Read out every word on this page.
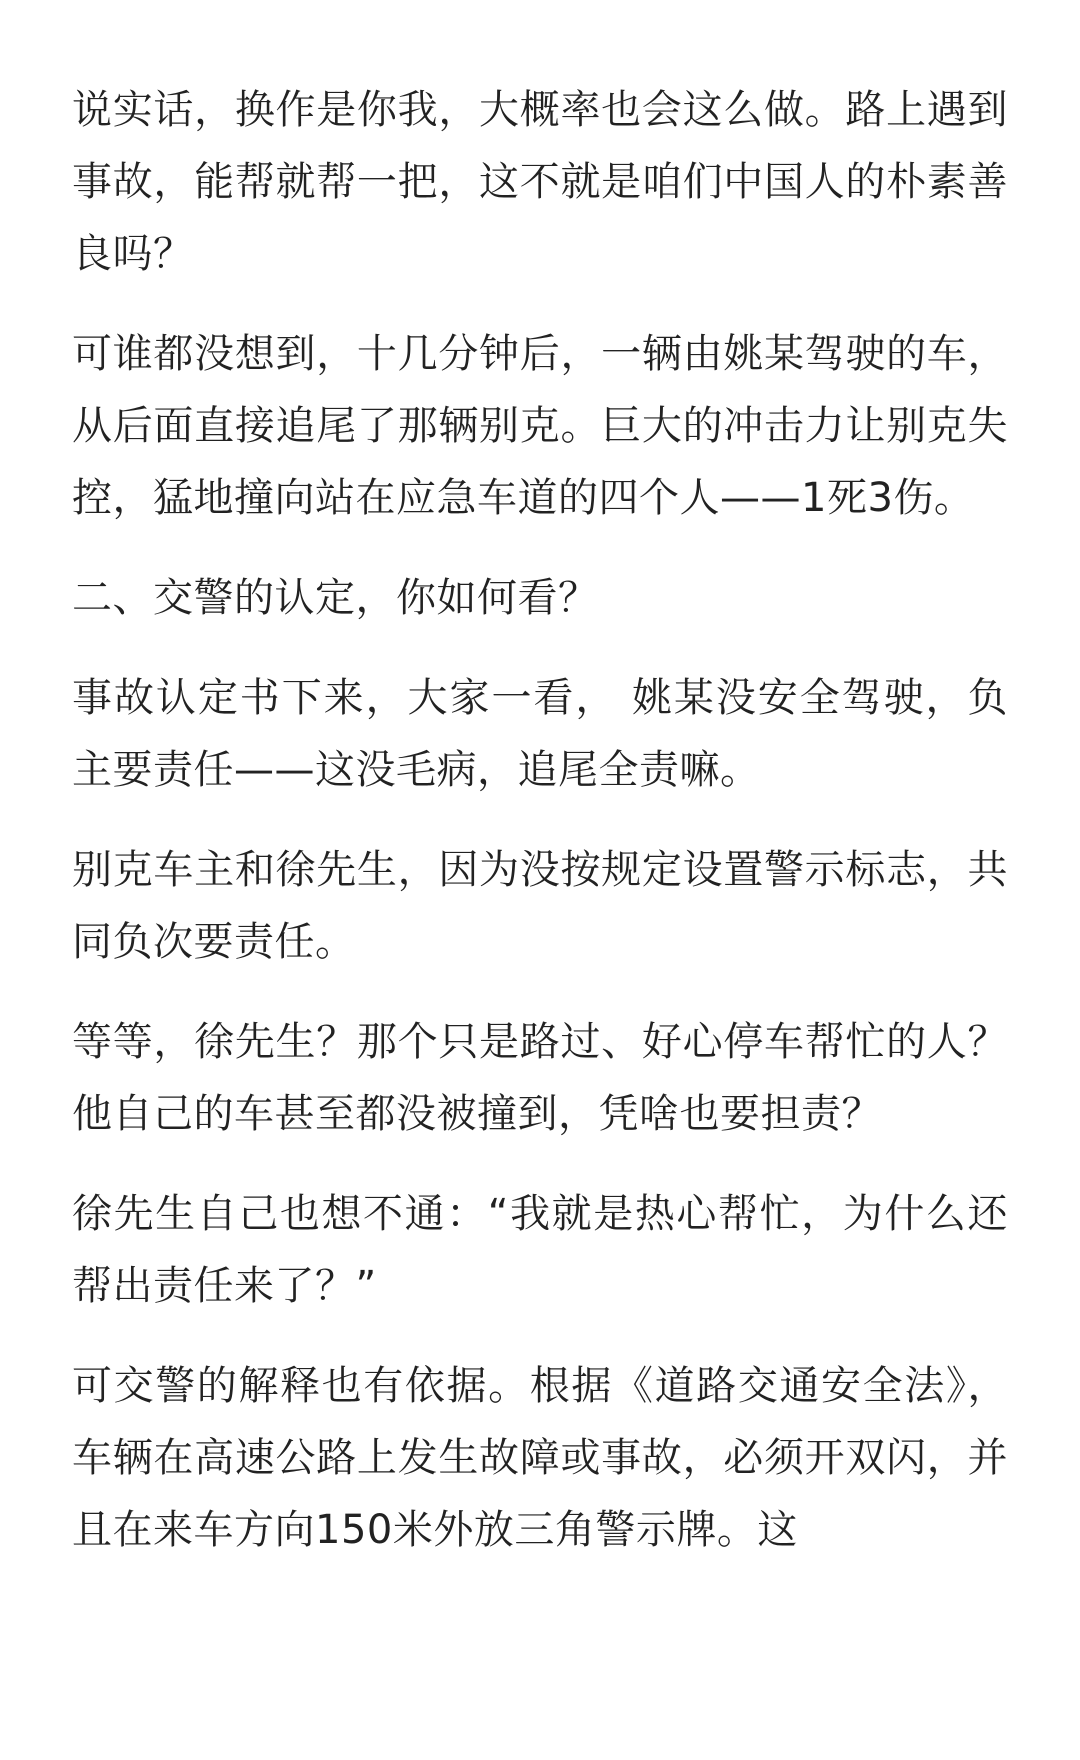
说实话，换作是你我，大概率也会这么做。路上遇到事故，能帮就帮一把，这不就是咱们中国人的朴素善良吗？

可谁都没想到，十几分钟后，一辆由姚某驾驶的车，从后面直接追尾了那辆别克。巨大的冲击力让别克失控，猛地撞向站在应急车道的四个人——1死3伤。

二、交警的认定，你如何看？

事故认定书下来，大家一看， 姚某没安全驾驶，负主要责任——这没毛病，追尾全责嘛。

别克车主和徐先生，因为没按规定设置警示标志，共同负次要责任。

等等，徐先生？那个只是路过、好心停车帮忙的人？他自己的车甚至都没被撞到，凭啥也要担责？

徐先生自己也想不通：“我就是热心帮忙，为什么还帮出责任来了？”

可交警的解释也有依据。根据《道路交通安全法》，车辆在高速公路上发生故障或事故，必须开双闪，并且在来车方向150米外放三角警示牌。这
